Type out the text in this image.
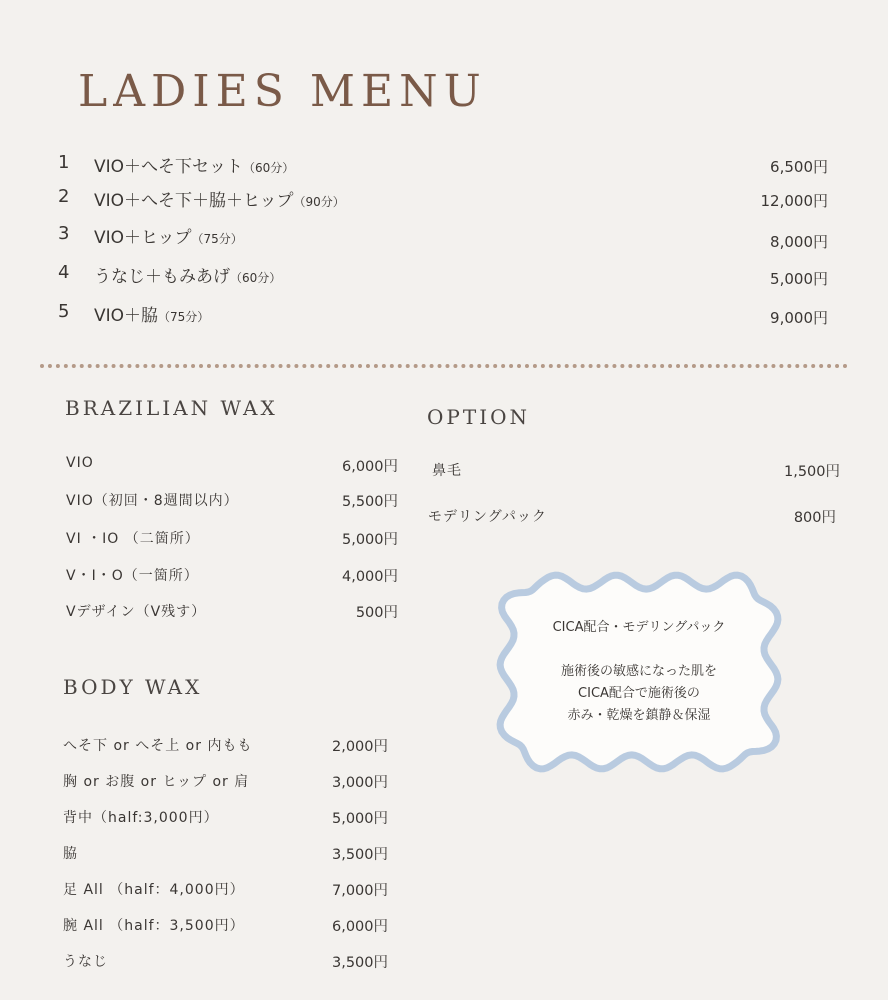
LADIES MENU
1 VIO＋へそ下セット（60分）	6,500円
2 VIO＋へそ下＋脇＋ヒップ（90分）	12,000円
3 VIO＋ヒップ（75分）	8,000円
4 うなじ＋もみあげ（60分）	5,000円
5 VIO＋脇（75分）	9,000円
BRAZILIAN WAX
VIO	6,000円
VIO（初回・8週間以内）	5,500円
VI ・IO （二箇所）	5,000円
V・I・O（一箇所）	4,000円
Vデザイン（V残す）	500円
OPTION
鼻毛	1,500円
モデリングパック	800円
CICA配合・モデリングパック
施術後の敏感になった肌を
CICA配合で施術後の
赤み・乾燥を鎮静＆保湿
BODY WAX
へそ下 or へそ上 or 内もも	2,000円
胸 or お腹 or ヒップ or 肩	3,000円
背中（half:3,000円）	5,000円
脇	3,500円
足 All （half：4,000円）	7,000円
腕 All （half：3,500円）	6,000円
うなじ	3,500円
